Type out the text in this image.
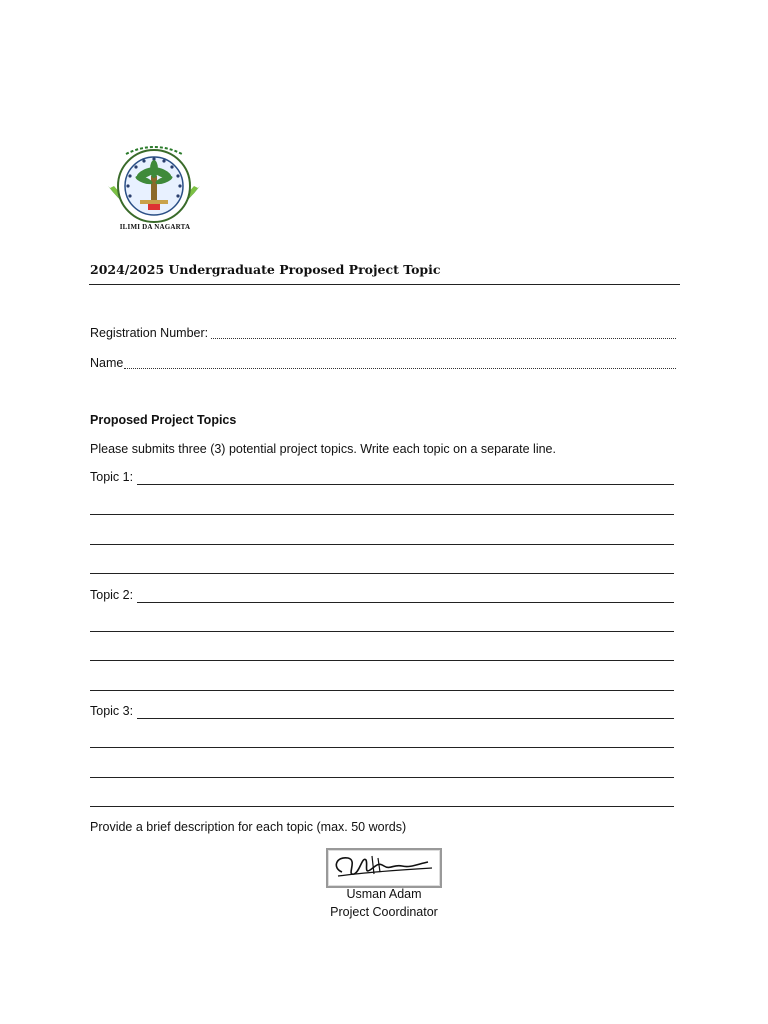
ILIMI DA NAGARTA
2024/2025 Undergraduate Proposed Project Topic
Registration Number:
Name
Proposed Project Topics
Please submits three (3) potential project topics. Write each topic on a separate line.
Topic 1:
Topic 2:
Topic 3:
Provide a brief description for each topic (max. 50 words)
Usman Adam
Project Coordinator
